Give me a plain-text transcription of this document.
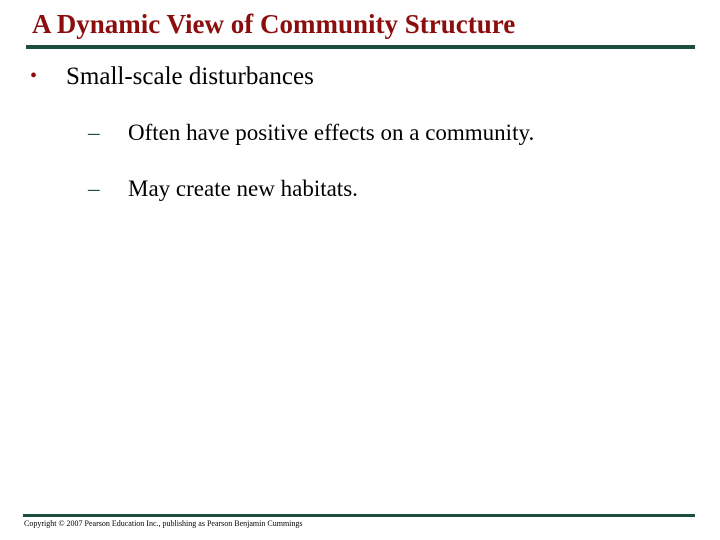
A Dynamic View of Community Structure
• Small-scale disturbances
– Often have positive effects on a community.
– May create new habitats.
Copyright © 2007 Pearson Education Inc., publishing as Pearson Benjamin Cummings
